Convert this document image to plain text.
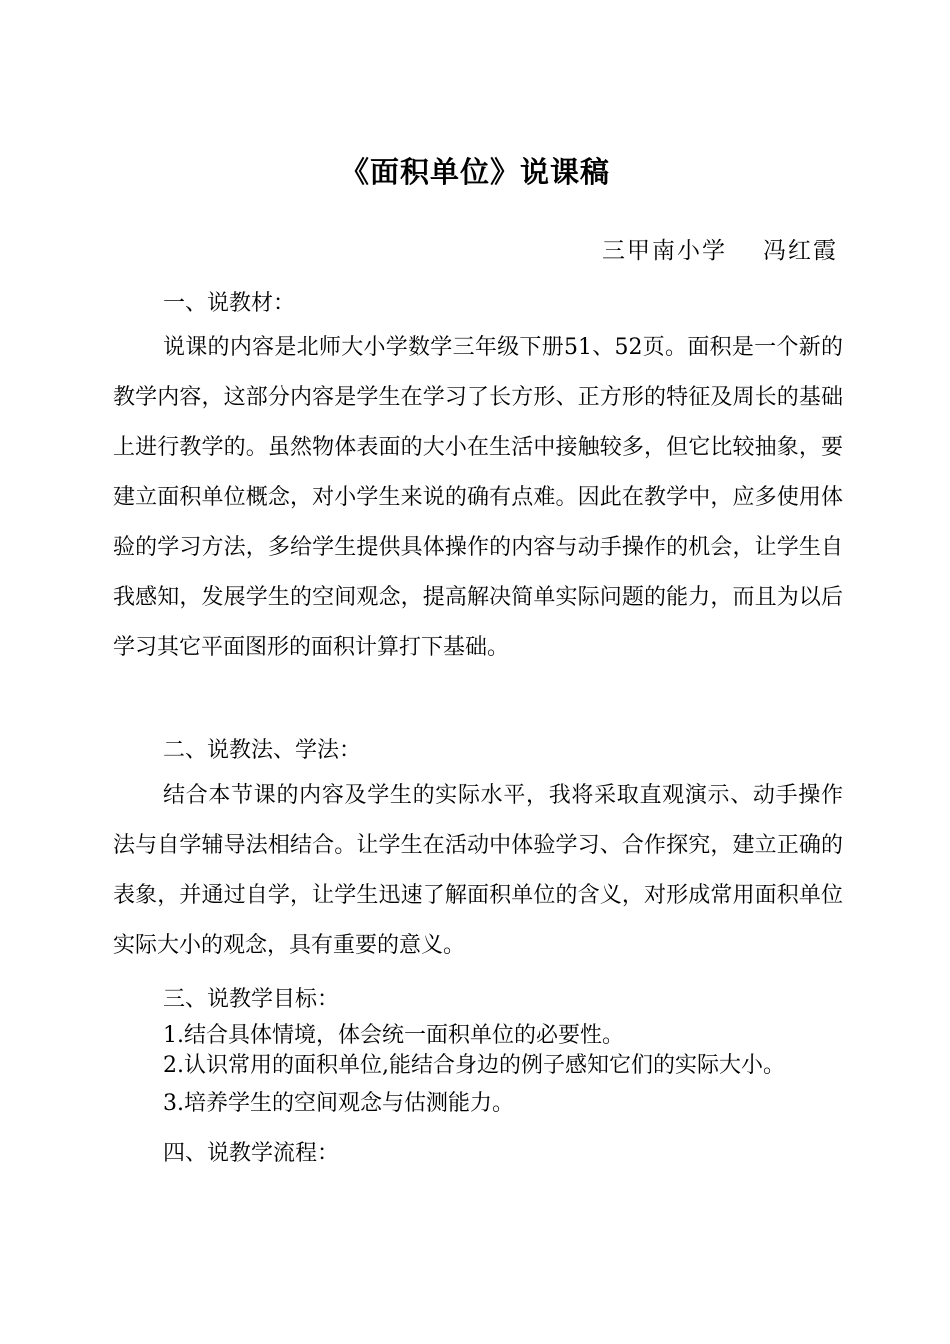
《面积单位》说课稿
三甲南小学 冯红霞
一、说教材：

说课的内容是北师大小学数学三年级下册51、52页。面积是一个新的教学内容，这部分内容是学生在学习了长方形、正方形的特征及周长的基础上进行教学的。虽然物体表面的大小在生活中接触较多，但它比较抽象，要建立面积单位概念，对小学生来说的确有点难。因此在教学中，应多使用体验的学习方法，多给学生提供具体操作的内容与动手操作的机会，让学生自我感知，发展学生的空间观念，提高解决简单实际问题的能力，而且为以后学习其它平面图形的面积计算打下基础。

二、说教法、学法：

结合本节课的内容及学生的实际水平，我将采取直观演示、动手操作法与自学辅导法相结合。让学生在活动中体验学习、合作探究，建立正确的表象，并通过自学，让学生迅速了解面积单位的含义，对形成常用面积单位实际大小的观念，具有重要的意义。

三、说教学目标：
1.结合具体情境，体会统一面积单位的必要性。
2.认识常用的面积单位,能结合身边的例子感知它们的实际大小。
3.培养学生的空间观念与估测能力。
四、说教学流程：
